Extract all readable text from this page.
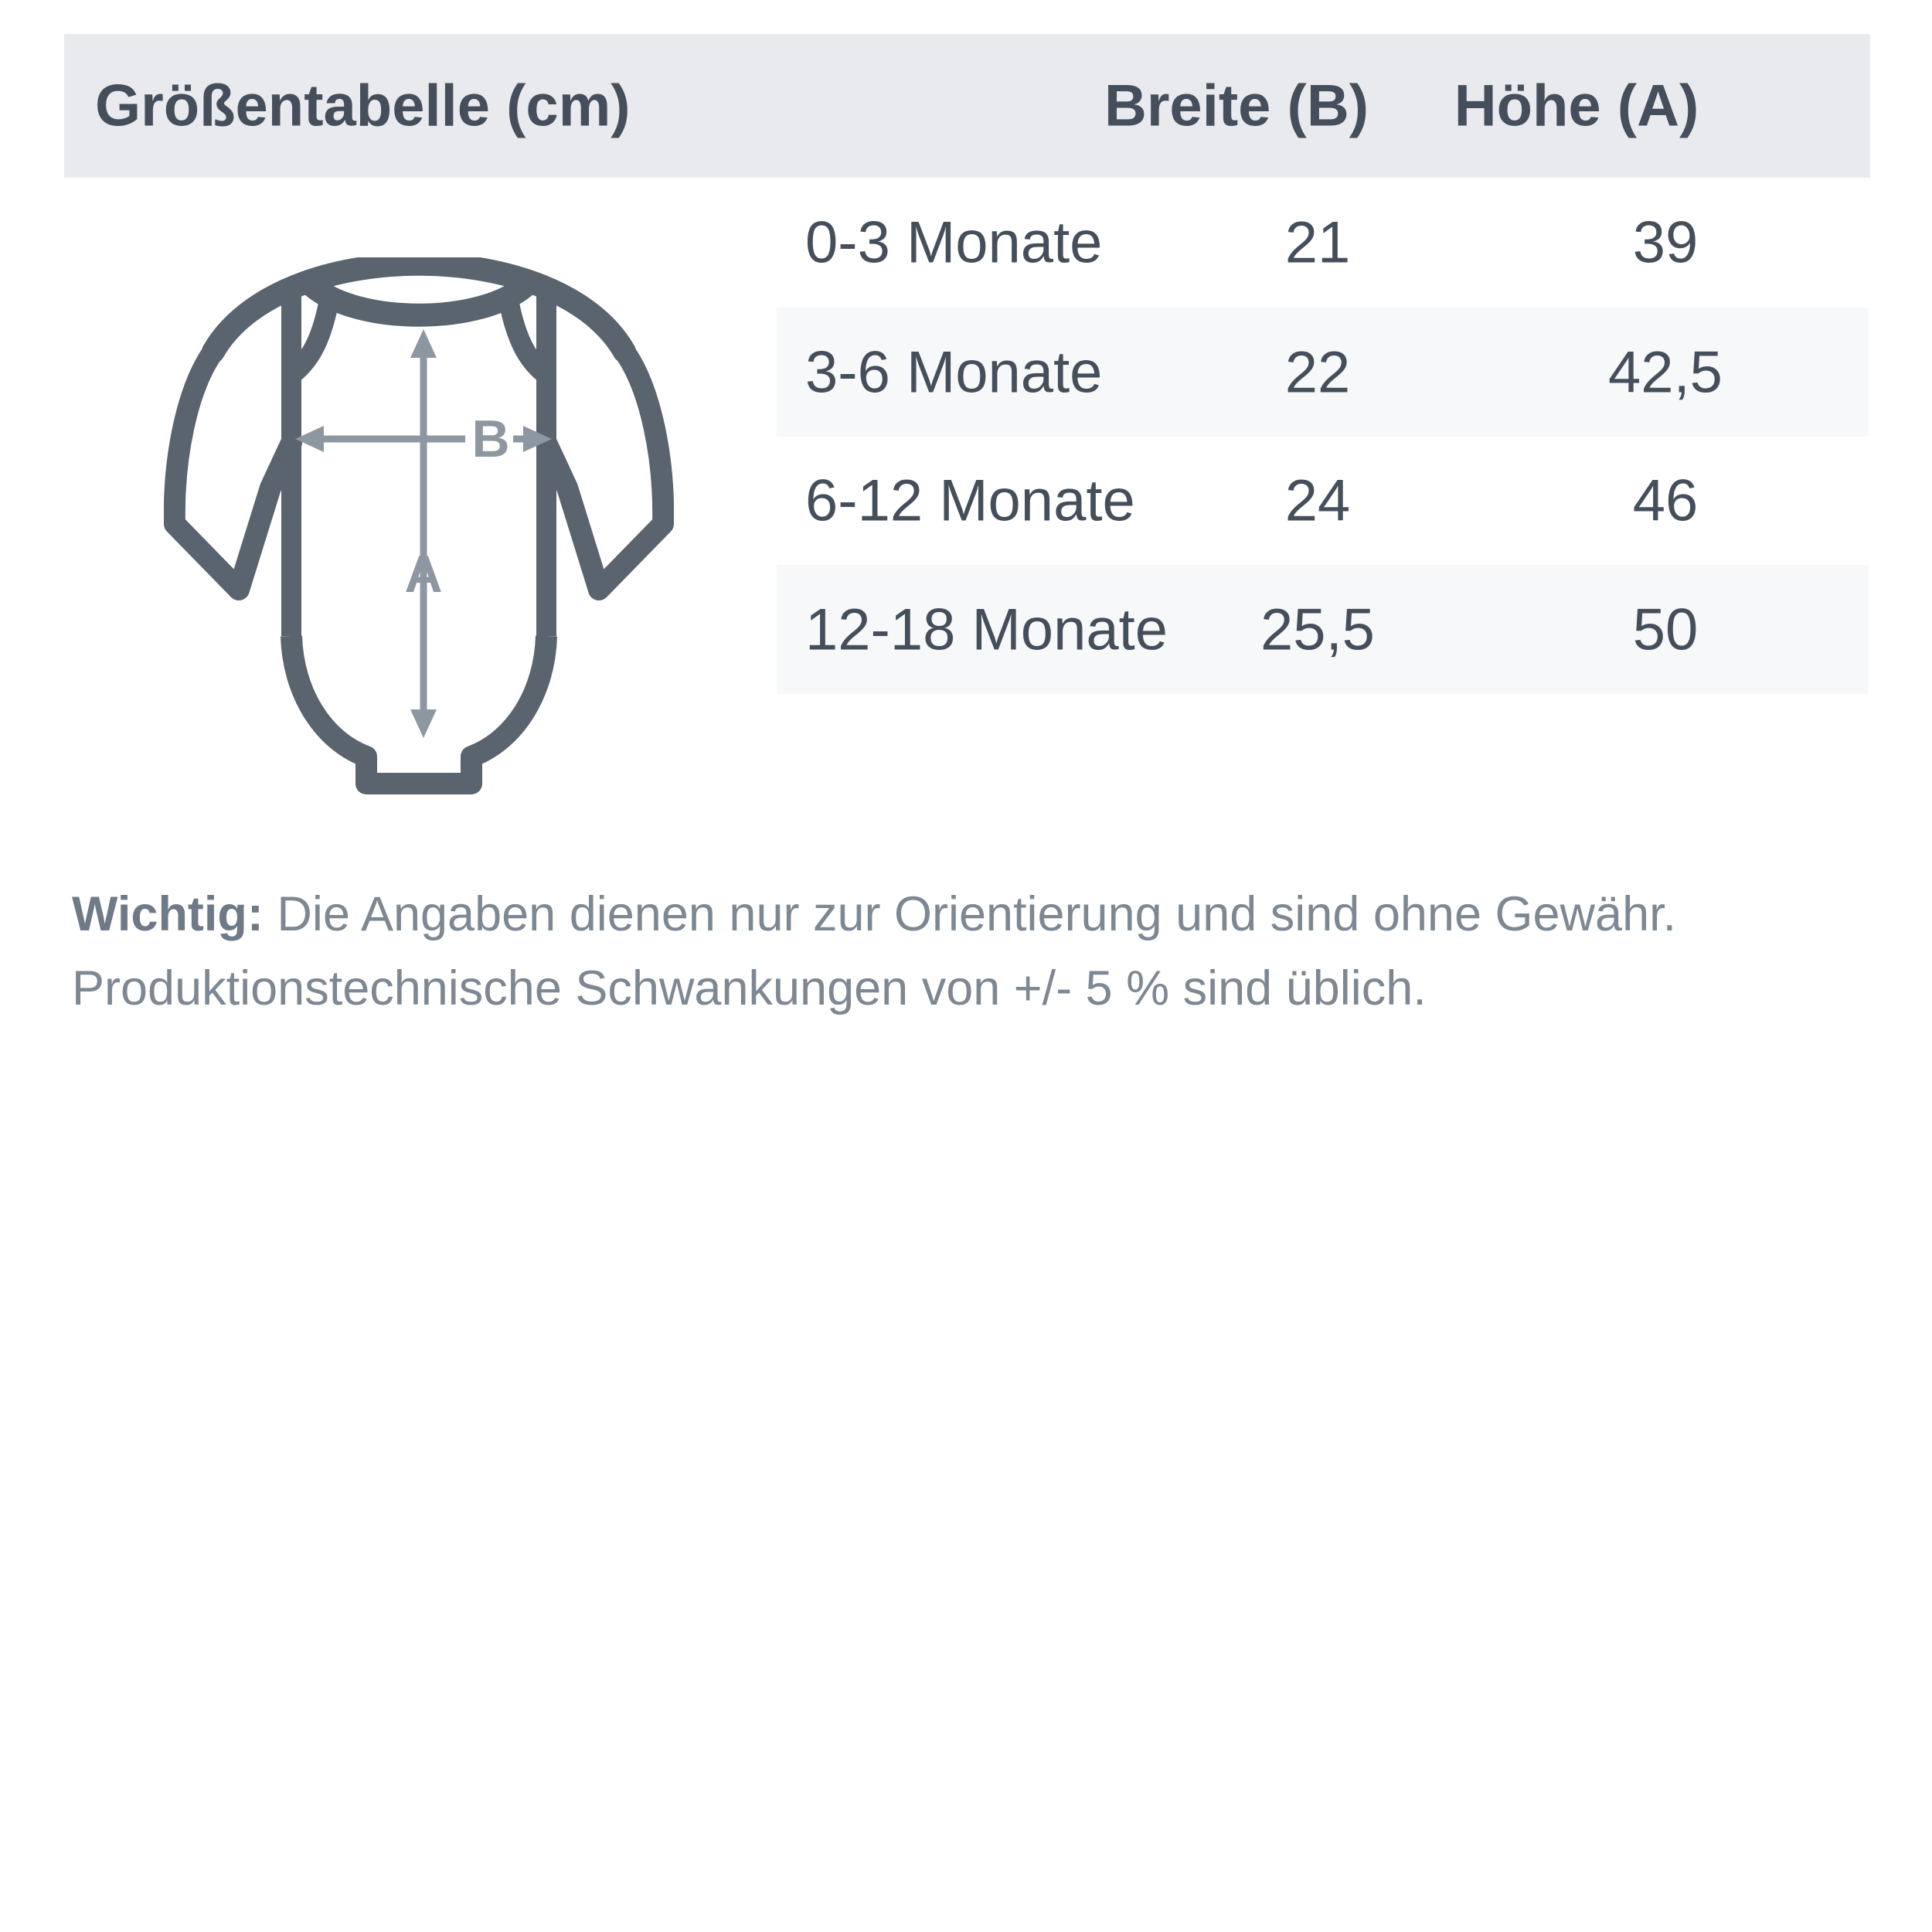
Größentabelle (cm)	Breite (B)	Höhe (A)
0-3 Monate	21	39
3-6 Monate	22	42,5
6-12 Monate	24	46
12-18 Monate	25,5	50
B
A

Wichtig: Die Angaben dienen nur zur Orientierung und sind ohne Gewähr.
Produktionstechnische Schwankungen von +/- 5 % sind üblich.
